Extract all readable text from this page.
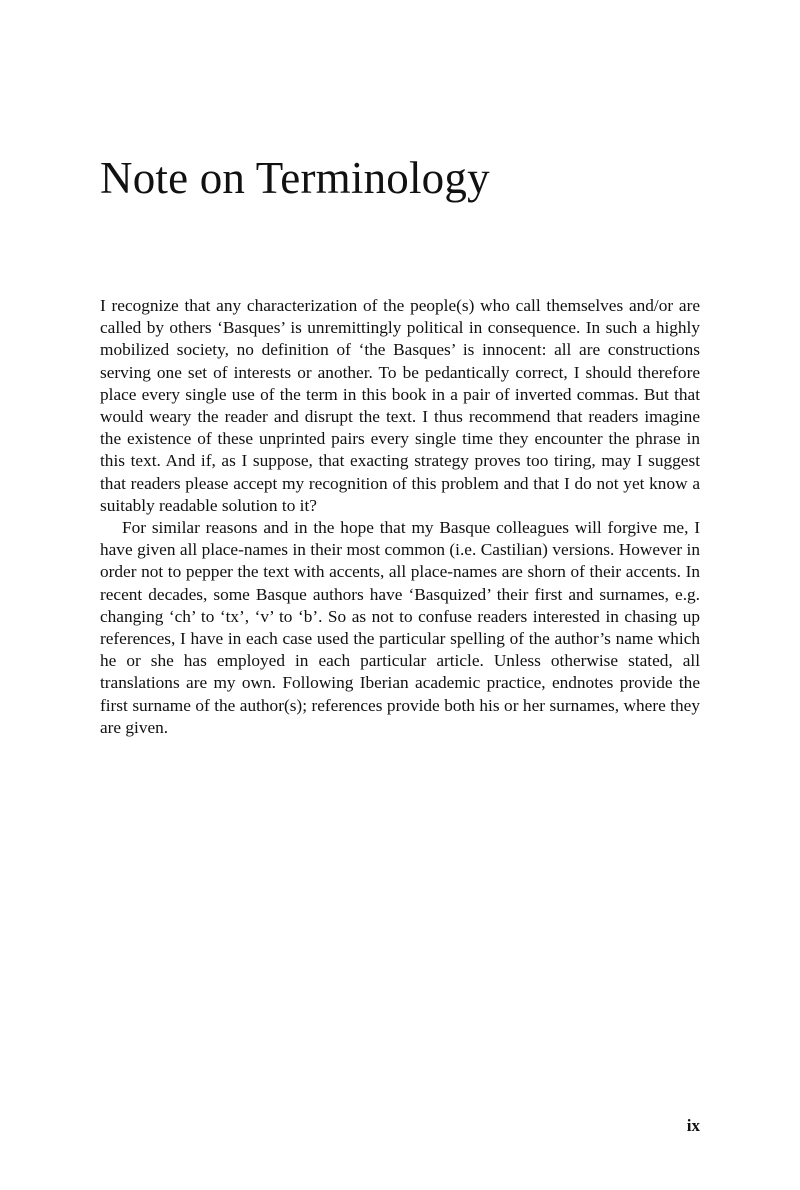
Note on Terminology

I recognize that any characterization of the people(s) who call themselves and/or are called by others ‘Basques’ is unremittingly political in consequence. In such a highly mobilized society, no definition of ‘the Basques’ is innocent: all are constructions serving one set of interests or another. To be pedantically correct, I should therefore place every single use of the term in this book in a pair of inverted commas. But that would weary the reader and disrupt the text. I thus recommend that readers imagine the existence of these unprinted pairs every single time they encounter the phrase in this text. And if, as I suppose, that exacting strategy proves too tiring, may I suggest that readers please accept my recognition of this problem and that I do not yet know a suitably readable solution to it?

For similar reasons and in the hope that my Basque colleagues will forgive me, I have given all place-names in their most common (i.e. Castilian) versions. However in order not to pepper the text with accents, all place-names are shorn of their accents. In recent decades, some Basque authors have ‘Basquized’ their first and surnames, e.g. changing ‘ch’ to ‘tx’, ‘v’ to ‘b’. So as not to confuse readers interested in chasing up references, I have in each case used the particular spelling of the author’s name which he or she has employed in each particular article. Unless otherwise stated, all translations are my own. Following Iberian academic practice, endnotes provide the first surname of the author(s); references provide both his or her surnames, where they are given.

ix
